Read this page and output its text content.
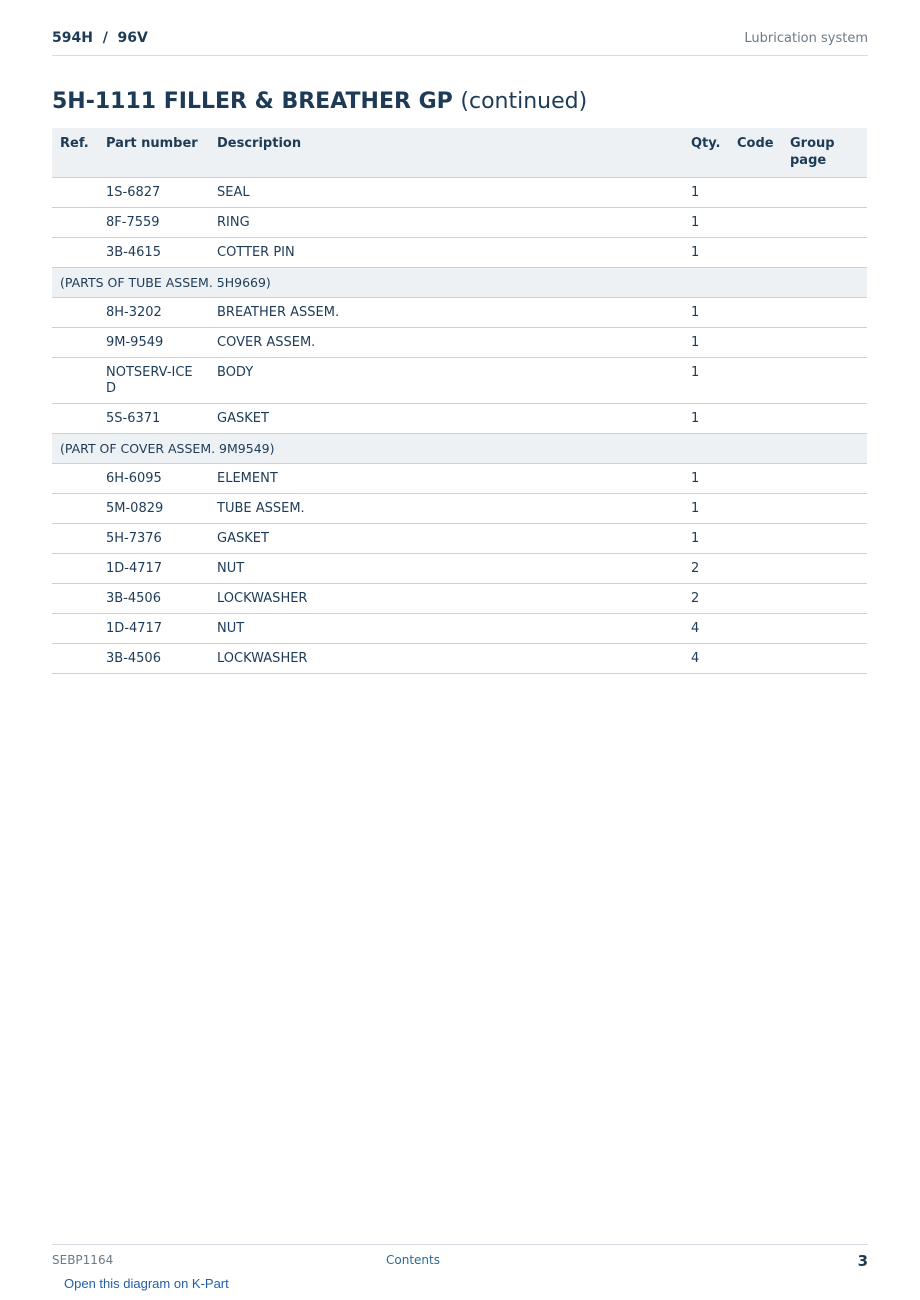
594H  /  96V	Lubrication system
5H-1111 FILLER & BREATHER GP (continued)
Ref.	Part number	Description	Qty.	Code	Group page
	1S-6827	SEAL	1		
	8F-7559	RING	1		
	3B-4615	COTTER PIN	1		
(PARTS OF TUBE ASSEM. 5H9669)					
	8H-3202	BREATHER ASSEM.	1		
	9M-9549	COVER ASSEM.	1		
	NOTSERV-ICED	BODY	1		
	5S-6371	GASKET	1		
(PART OF COVER ASSEM. 9M9549)					
	6H-6095	ELEMENT	1		
	5M-0829	TUBE ASSEM.	1		
	5H-7376	GASKET	1		
	1D-4717	NUT	2		
	3B-4506	LOCKWASHER	2		
	1D-4717	NUT	4		
	3B-4506	LOCKWASHER	4		
SEBP1164	Contents	3
Open this diagram on K-Part
